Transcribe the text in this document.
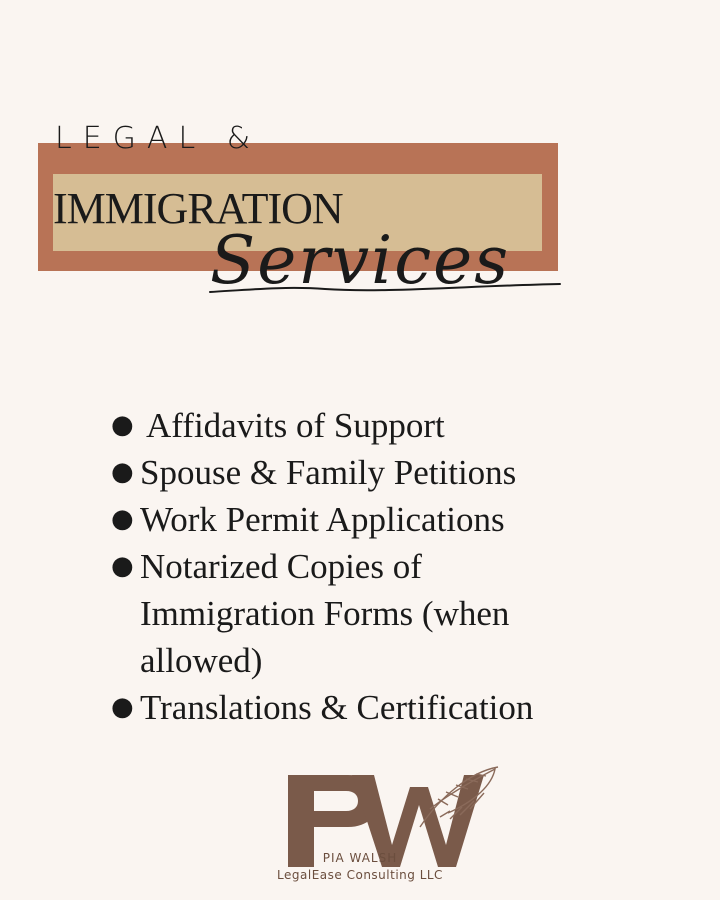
LEGAL &
IMMIGRATION
Services
● Affidavits of Support
● Spouse & Family Petitions
● Work Permit Applications
● Notarized Copies of Immigration Forms (when allowed)
● Translations & Certification
PIA WALSH
LegalEase Consulting LLC
